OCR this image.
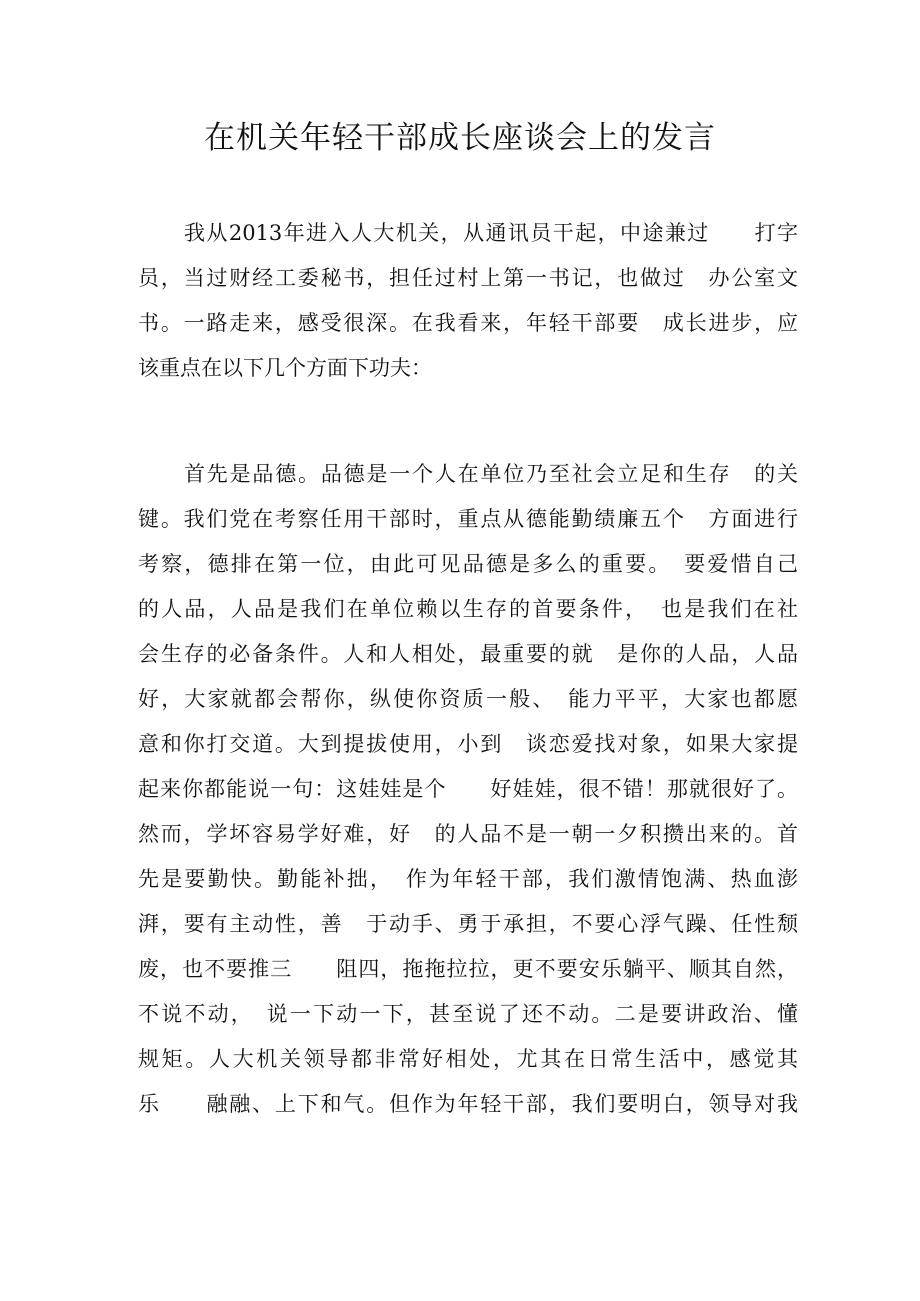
在机关年轻干部成长座谈会上的发言
我从2013年进入人大机关，从通讯员干起，中途兼过　　打字
员，当过财经工委秘书，担任过村上第一书记，也做过　办公室文
书。一路走来，感受很深。在我看来，年轻干部要　成长进步，应
该重点在以下几个方面下功夫：
首先是品德。品德是一个人在单位乃至社会立足和生存　的关
键。我们党在考察任用干部时，重点从德能勤绩廉五个　方面进行
考察，德排在第一位，由此可见品德是多么的重要。　要爱惜自己
的人品，人品是我们在单位赖以生存的首要条件，　也是我们在社
会生存的必备条件。人和人相处，最重要的就　是你的人品，人品
好，大家就都会帮你，纵使你资质一般、　能力平平，大家也都愿
意和你打交道。大到提拔使用，小到　谈恋爱找对象，如果大家提
起来你都能说一句：这娃娃是个　　好娃娃，很不错！那就很好了。
然而，学坏容易学好难，好　的人品不是一朝一夕积攒出来的。首
先是要勤快。勤能补拙，　作为年轻干部，我们激情饱满、热血澎
湃，要有主动性，善　于动手、勇于承担，不要心浮气躁、任性颓
废，也不要推三　　阻四，拖拖拉拉，更不要安乐躺平、顺其自然，
不说不动，　说一下动一下，甚至说了还不动。二是要讲政治、懂
规矩。人大机关领导都非常好相处，尤其在日常生活中，感觉其
乐　　融融、上下和气。但作为年轻干部，我们要明白，领导对我
